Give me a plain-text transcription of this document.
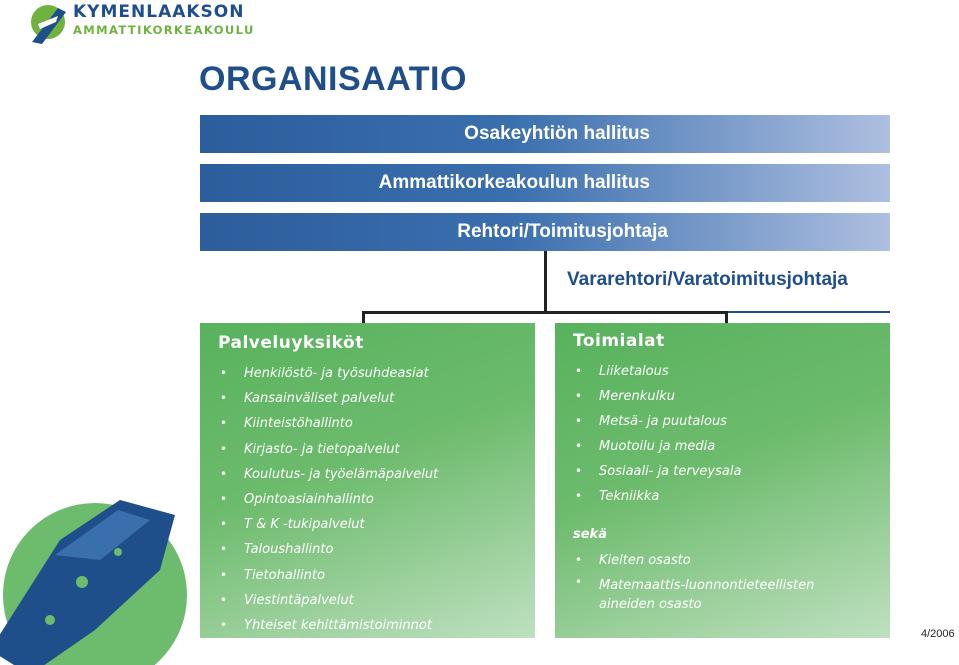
KYMENLAAKSON
AMMATTIKORKEAKOULU
ORGANISAATIO
Osakeyhtiön hallitus
Ammattikorkeakoulun hallitus
Rehtori/Toimitusjohtaja
Vararehtori/Varatoimitusjohtaja
Palveluyksiköt
• Henkilöstö- ja työsuhdeasiat
• Kansainväliset palvelut
• Kiinteistöhallinto
• Kirjasto- ja tietopalvelut
• Koulutus- ja työelämäpalvelut
• Opintoasiainhallinto
• T & K -tukipalvelut
• Taloushallinto
• Tietohallinto
• Viestintäpalvelut
• Yhteiset kehittämistoiminnot
Toimialat
• Liiketalous
• Merenkulku
• Metsä- ja puutalous
• Muotoilu ja media
• Sosiaali- ja terveysala
• Tekniikka
sekä
• Kielten osasto
• Matemaattis-luonnontieteellisten aineiden osasto
4/2006
